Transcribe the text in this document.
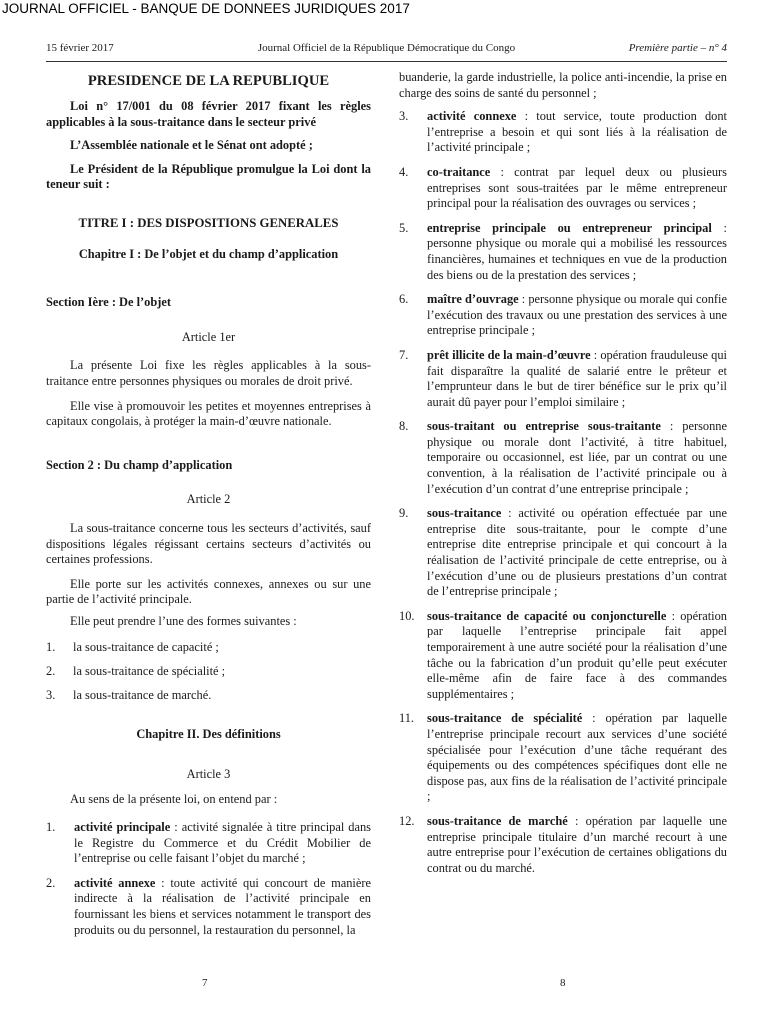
JOURNAL OFFICIEL - BANQUE DE DONNEES JURIDIQUES 2017
15 février 2017	Journal Officiel de la République Démocratique du Congo	Première partie – n° 4

PRESIDENCE DE LA REPUBLIQUE

Loi n° 17/001 du 08 février 2017 fixant les règles applicables à la sous-traitance dans le secteur privé

L’Assemblée nationale et le Sénat ont adopté ;

Le Président de la République promulgue la Loi dont la teneur suit :

TITRE I : DES DISPOSITIONS GENERALES

Chapitre I : De l’objet et du champ d’application

Section Ière : De l’objet

Article 1er

La présente Loi fixe les règles applicables à la sous-traitance entre personnes physiques ou morales de droit privé.

Elle vise à promouvoir les petites et moyennes entreprises à capitaux congolais, à protéger la main-d’œuvre nationale.

Section 2 : Du champ d’application

Article 2

La sous-traitance concerne tous les secteurs d’activités, sauf dispositions légales régissant certains secteurs d’activités ou certaines professions.

Elle porte sur les activités connexes, annexes ou sur une partie de l’activité principale.

Elle peut prendre l’une des formes suivantes :

1.	la sous-traitance de capacité ;
2.	la sous-traitance de spécialité ;
3.	la sous-traitance de marché.

Chapitre II. Des définitions

Article 3

Au sens de la présente loi, on entend par :

1.	activité principale : activité signalée à titre principal dans le Registre du Commerce et du Crédit Mobilier de l’entreprise ou celle faisant l’objet du marché ;
2.	activité annexe : toute activité qui concourt de manière indirecte à la réalisation de l’activité principale en fournissant les biens et services notamment le transport des produits ou du personnel, la restauration du personnel, la

buanderie, la garde industrielle, la police anti-incendie, la prise en charge des soins de santé du personnel ;

3.	activité connexe : tout service, toute production dont l’entreprise a besoin et qui sont liés à la réalisation de l’activité principale ;
4.	co-traitance : contrat par lequel deux ou plusieurs entreprises sont sous-traitées par le même entrepreneur principal pour la réalisation des ouvrages ou services ;
5.	entreprise principale ou entrepreneur principal : personne physique ou morale qui a mobilisé les ressources financières, humaines et techniques en vue de la production des biens ou de la prestation des services ;
6.	maître d’ouvrage : personne physique ou morale qui confie l’exécution des travaux ou une prestation des services à une entreprise principale ;
7.	prêt illicite de la main-d’œuvre : opération frauduleuse qui fait disparaître la qualité de salarié entre le prêteur et l’emprunteur dans le but de tirer bénéfice sur le prix qu’il aurait dû payer pour l’emploi similaire ;
8.	sous-traitant ou entreprise sous-traitante : personne physique ou morale dont l’activité, à titre habituel, temporaire ou occasionnel, est liée, par un contrat ou une convention, à la réalisation de l’activité principale ou à l’exécution d’un contrat d’une entreprise principale ;
9.	sous-traitance : activité ou opération effectuée par une entreprise dite sous-traitante, pour le compte d’une entreprise dite entreprise principale et qui concourt à la réalisation de l’activité principale de cette entreprise, ou à l’exécution d’une ou de plusieurs prestations d’un contrat de l’entreprise principale ;
10.	sous-traitance de capacité ou conjoncturelle : opération par laquelle l’entreprise principale fait appel temporairement à une autre société pour la réalisation d’une tâche ou la fabrication d’un produit qu’elle peut exécuter elle-même afin de faire face à des commandes supplémentaires ;
11.	sous-traitance de spécialité : opération par laquelle l’entreprise principale recourt aux services d’une société spécialisée pour l’exécution d’une tâche requérant des équipements ou des compétences spécifiques dont elle ne dispose pas, aux fins de la réalisation de l’activité principale ;
12.	sous-traitance de marché : opération par laquelle une entreprise principale titulaire d’un marché recourt à une autre entreprise pour l’exécution de certaines obligations du contrat ou du marché.
7	8
